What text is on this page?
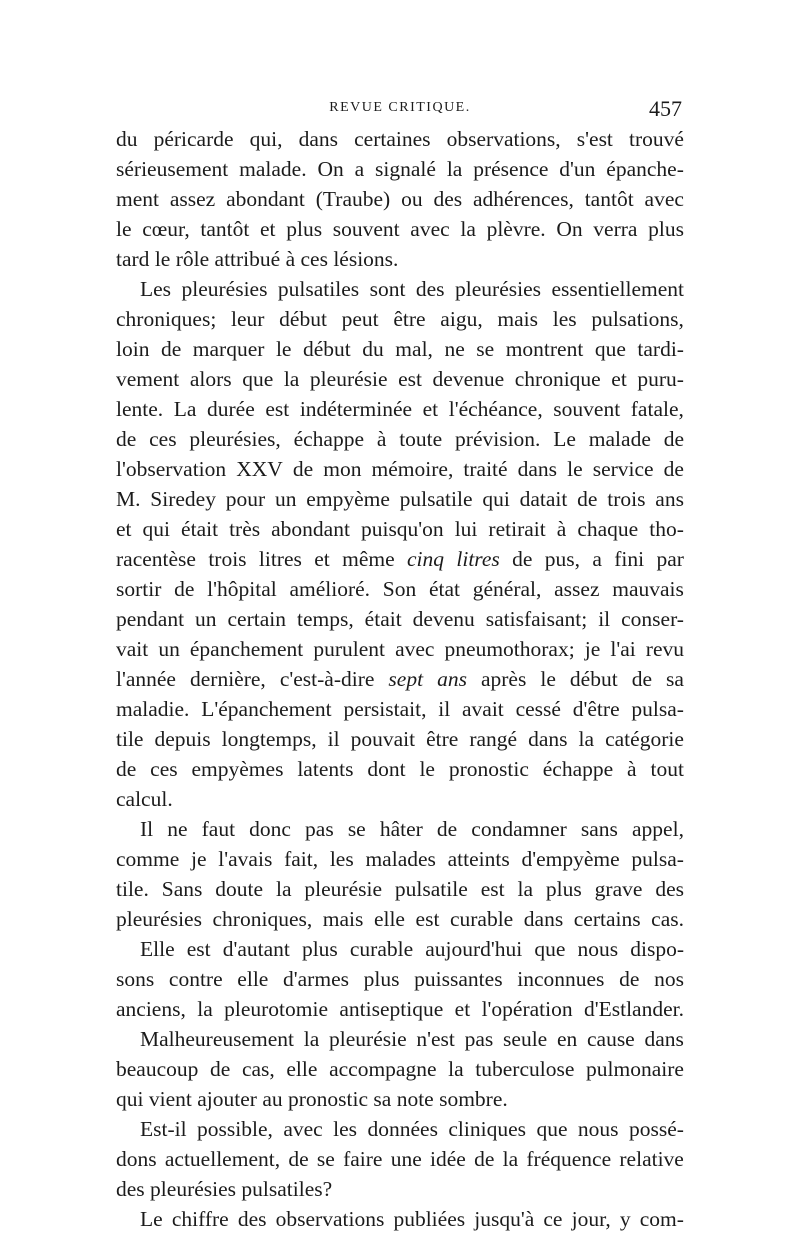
REVUE CRITIQUE.	457
du péricarde qui, dans certaines observations, s'est trouvé
sérieusement malade. On a signalé la présence d'un épanche-
ment assez abondant (Traube) ou des adhérences, tantôt avec
le cœur, tantôt et plus souvent avec la plèvre. On verra plus
tard le rôle attribué à ces lésions.
Les pleurésies pulsatiles sont des pleurésies essentiellement
chroniques; leur début peut être aigu, mais les pulsations,
loin de marquer le début du mal, ne se montrent que tardi-
vement alors que la pleurésie est devenue chronique et puru-
lente. La durée est indéterminée et l'échéance, souvent fatale,
de ces pleurésies, échappe à toute prévision. Le malade de
l'observation XXV de mon mémoire, traité dans le service de
M. Siredey pour un empyème pulsatile qui datait de trois ans
et qui était très abondant puisqu'on lui retirait à chaque tho-
racentèse trois litres et même cinq litres de pus, a fini par
sortir de l'hôpital amélioré. Son état général, assez mauvais
pendant un certain temps, était devenu satisfaisant; il conser-
vait un épanchement purulent avec pneumothorax; je l'ai revu
l'année dernière, c'est-à-dire sept ans après le début de sa
maladie. L'épanchement persistait, il avait cessé d'être pulsa-
tile depuis longtemps, il pouvait être rangé dans la catégorie
de ces empyèmes latents dont le pronostic échappe à tout
calcul.
Il ne faut donc pas se hâter de condamner sans appel,
comme je l'avais fait, les malades atteints d'empyème pulsa-
tile. Sans doute la pleurésie pulsatile est la plus grave des
pleurésies chroniques, mais elle est curable dans certains cas.
Elle est d'autant plus curable aujourd'hui que nous dispo-
sons contre elle d'armes plus puissantes inconnues de nos
anciens, la pleurotomie antiseptique et l'opération d'Estlander.
Malheureusement la pleurésie n'est pas seule en cause dans
beaucoup de cas, elle accompagne la tuberculose pulmonaire
qui vient ajouter au pronostic sa note sombre.
Est-il possible, avec les données cliniques que nous possé-
dons actuellement, de se faire une idée de la fréquence relative
des pleurésies pulsatiles?
Le chiffre des observations publiées jusqu'à ce jour, y com-
